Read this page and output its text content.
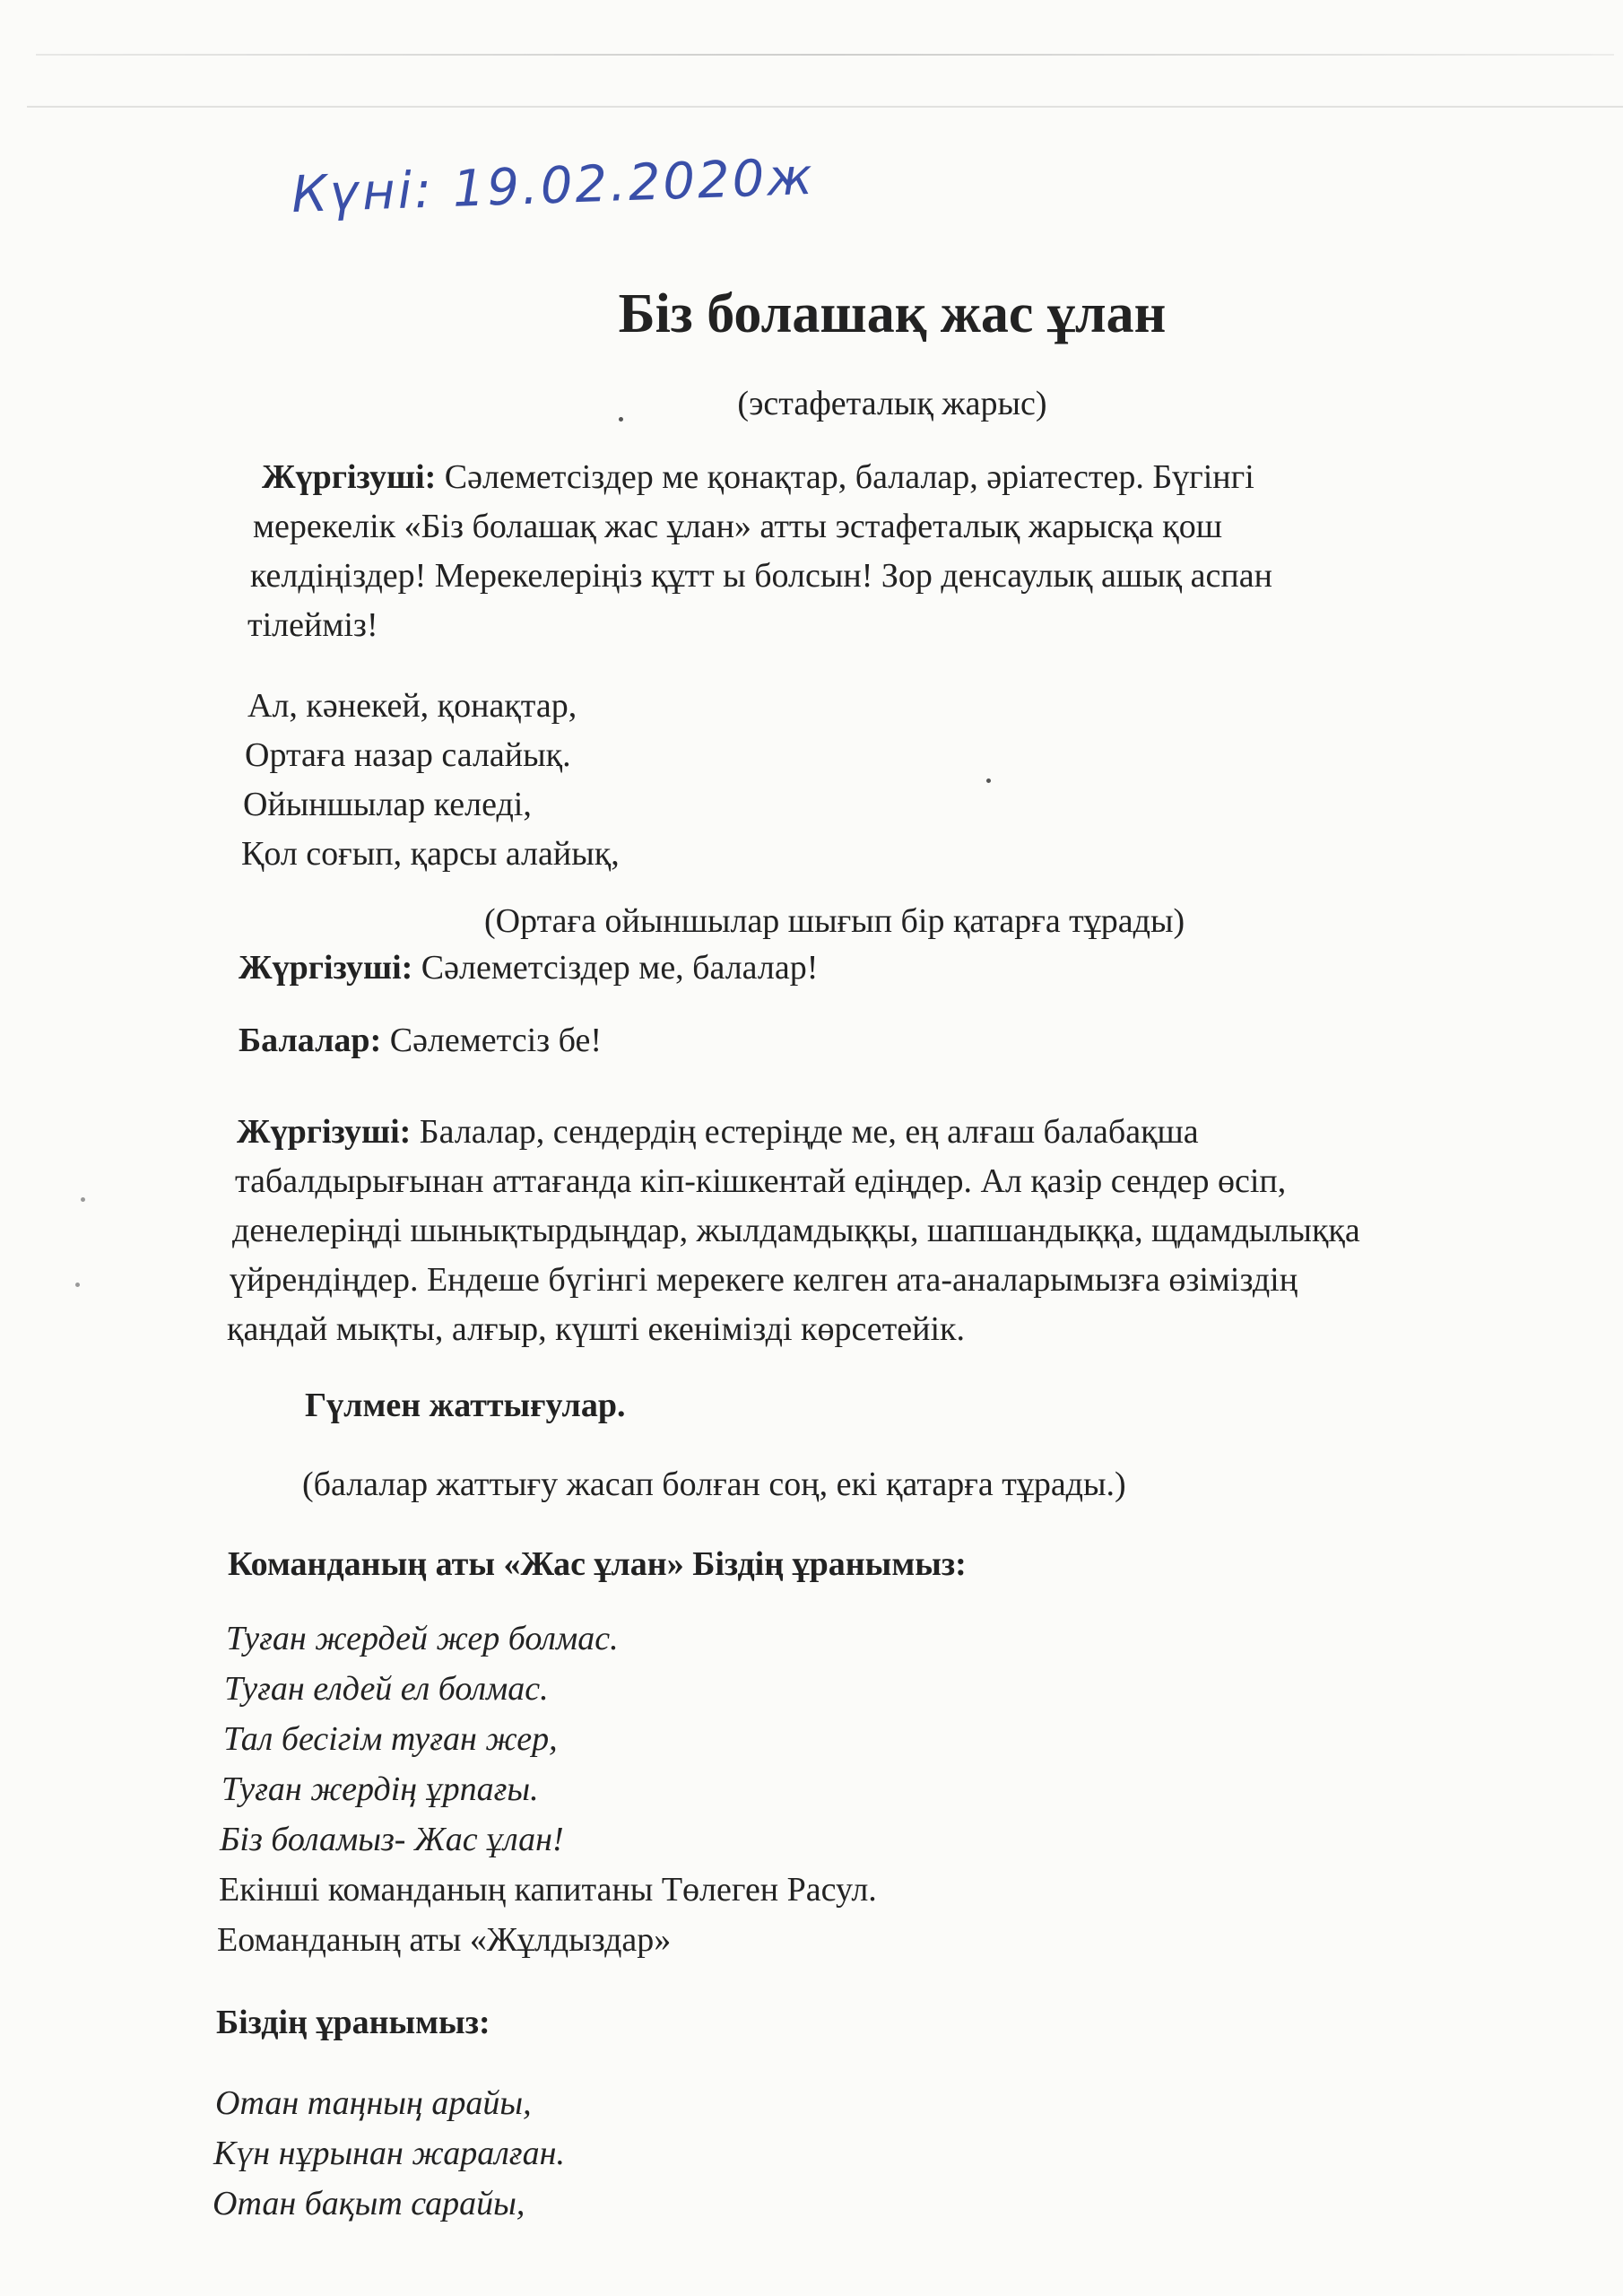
Күні: 19.02.2020ж
Біз болашақ жас ұлан
(эстафеталық жарыс)
Жүргізуші: Сәлеметсіздер ме қонақтар, балалар, әріатестер. Бүгінгі
мерекелік «Біз болашақ жас ұлан» атты эстафеталық жарысқа қош
келдіңіздер! Мерекелеріңіз құтт ы болсын! Зор денсаулық ашық аспан
тілейміз!
Ал, кәнекей, қонақтар,
Ортаға назар салайық.
Ойыншылар келеді,
Қол соғып, қарсы алайық,
(Ортаға ойыншылар шығып бір қатарға тұрады)
Жүргізуші: Сәлеметсіздер ме, балалар!
Балалар: Сәлеметсіз бе!
Жүргізуші: Балалар, сендердің естеріңде ме, ең алғаш балабақша
табалдырығынан аттағанда кіп-кішкентай едіңдер. Ал қазір сендер өсіп,
денелеріңді шынықтырдыңдар, жылдамдыққы, шапшандыққа, щдамдылыққа
үйрендіңдер. Ендеше бүгінгі мерекеге келген ата-аналарымызға өзіміздің
қандай мықты, алғыр, күшті екенімізді көрсетейік.
Гүлмен жаттығулар.
(балалар жаттығу жасап болған соң, екі қатарға тұрады.)
Команданың аты «Жас ұлан» Біздің ұранымыз:
Туған жердей жер болмас.
Туған елдей ел болмас.
Тал бесігім туған жер,
Туған жердің ұрпағы.
Біз боламыз- Жас ұлан!
Екінші команданың капитаны Төлеген Расул.
Еоманданың аты «Жұлдыздар»
Біздің ұранымыз:
Отан таңның арайы,
Күн нұрынан жаралған.
Отан бақыт сарайы,
